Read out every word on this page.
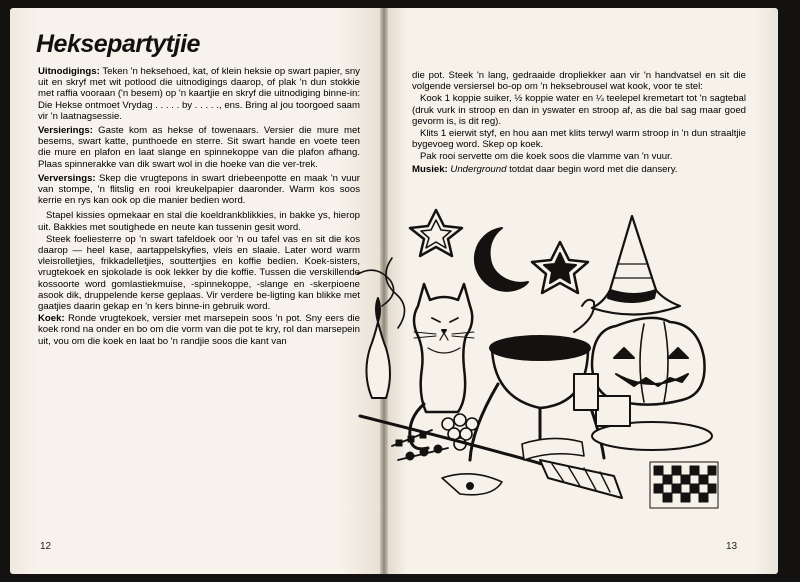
Heksepartytjie

Uitnodigings: Teken 'n heksehoed, kat, of klein heksie op swart papier, sny uit en skryf met wit potlood die uitnodigings daarop, of plak 'n dun stokkie met raffia vooraan ('n besem) op 'n kaartjie en skryf die uitnodiging binne-in: Die Hekse ontmoet Vrydag . . . . . by . . . . ., ens. Bring al jou toorgoed saam vir 'n laatnagsessie.

Versierings: Gaste kom as hekse of towenaars. Versier die mure met besems, swart katte, punthoede en sterre. Sit swart hande en voete teen die mure en plafon en laat slange en spinnekoppe van die plafon afhang. Plaas spinnerakke van dik swart wol in die hoeke van die ver-trek.

Verversings: Skep die vrugtepons in swart driebeenpotte en maak 'n vuur van stompe, 'n flitslig en rooi kreukelpapier daaronder. Warm kos soos kerrie en rys kan ook op die manier bedien word.

Stapel kissies opmekaar en stal die koeldrankblikkies, in bakke ys, hierop uit. Bakkies met soutighede en neute kan tussenin gesit word.

Steek foeliesterre op 'n swart tafeldoek oor 'n ou tafel vas en sit die kos daarop — heel kase, aartappelskyfies, vleis en slaaie. Later word warm vleisrolletjies, frikkadelletjies, souttertjies en koffie bedien. Koek-sisters, vrugtekoek en sjokolade is ook lekker by die koffie. Tussen die verskillende kossoorte word gomlastiekmuise, -spinnekoppe, -slange en -skerpioene asook dik, druppelende kerse geplaas. Vir verdere be-ligting kan blikke met gaatjies daarin gekap en 'n kers binne-in gebruik word.

Koek: Ronde vrugtekoek, versier met marsepein soos 'n pot. Sny eers die koek rond na onder en bo om die vorm van die pot te kry, rol dan marsepein uit, vou om die koek en laat bo 'n randjie soos die kant van

12

die pot. Steek 'n lang, gedraaide dropliekker aan vir 'n handvatsel en sit die volgende versiersel bo-op om 'n heksebrousel wat kook, voor te stel:

Kook 1 koppie suiker, ½ koppie water en ¼ teelepel kremetart tot 'n sagtebal (druk vurk in stroop en dan in yswater en stroop af, as die bal sag maar goed gevorm is, is dit reg).

Klits 1 eierwit styf, en hou aan met klits terwyl warm stroop in 'n dun straaltjie bygevoeg word. Skep op koek.

Pak rooi servette om die koek soos die vlamme van 'n vuur.

Musiek: Underground totdat daar begin word met die dansery.

13
